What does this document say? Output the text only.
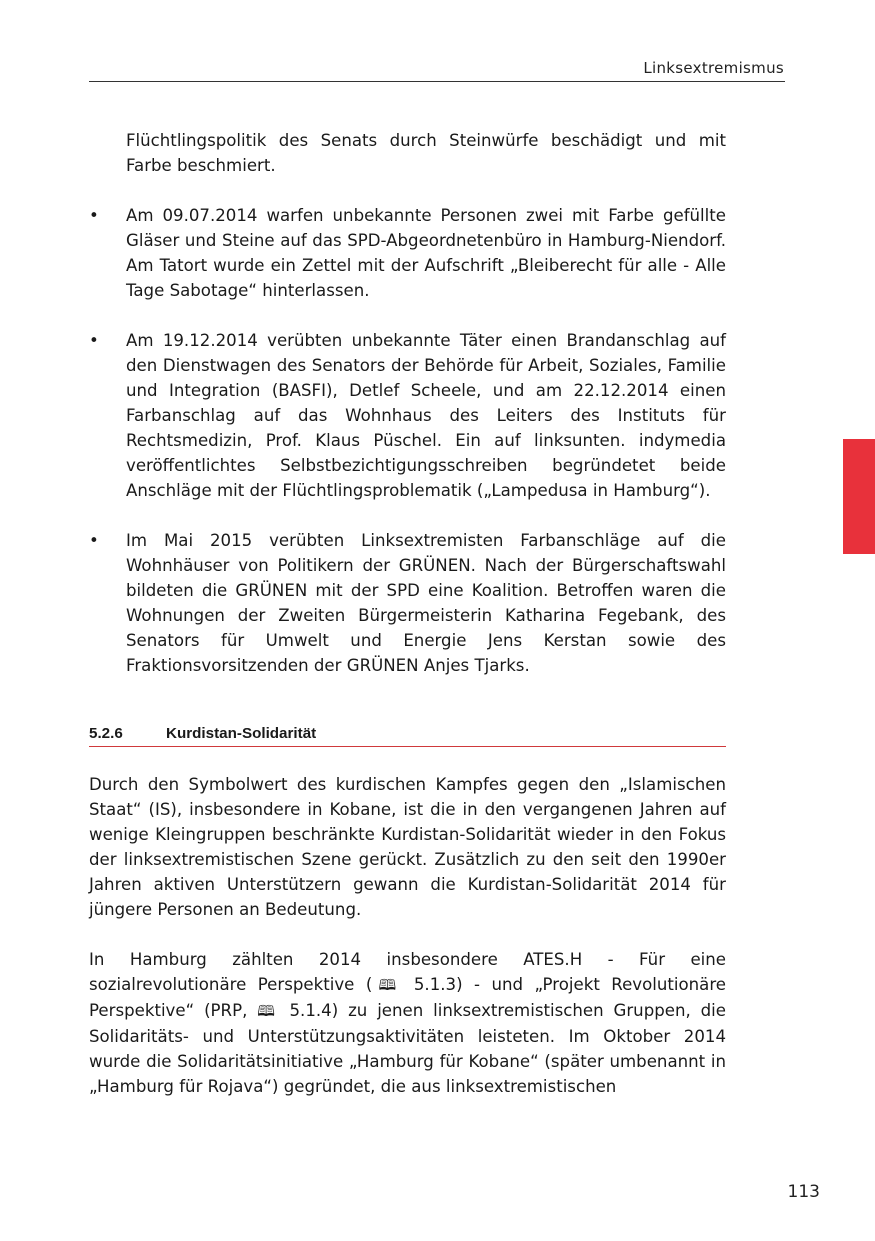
Linksextremismus

Flüchtlingspolitik des Senats durch Steinwürfe beschädigt und mit Farbe beschmiert.

• Am 09.07.2014 warfen unbekannte Personen zwei mit Farbe gefüllte Gläser und Steine auf das SPD-Abgeordnetenbüro in Hamburg-Niendorf. Am Tatort wurde ein Zettel mit der Aufschrift „Bleiberecht für alle - Alle Tage Sabotage“ hinterlassen.
• Am 19.12.2014 verübten unbekannte Täter einen Brandanschlag auf den Dienstwagen des Senators der Behörde für Arbeit, Soziales, Familie und Integration (BASFI), Detlef Scheele, und am 22.12.2014 einen Farbanschlag auf das Wohnhaus des Leiters des Instituts für Rechtsmedizin, Prof. Klaus Püschel. Ein auf linksunten. indymedia veröffentlichtes Selbstbezichtigungsschreiben begründetet beide Anschläge mit der Flüchtlingsproblematik („Lampedusa in Hamburg“).
• Im Mai 2015 verübten Linksextremisten Farbanschläge auf die Wohnhäuser von Politikern der GRÜNEN. Nach der Bürgerschaftswahl bildeten die GRÜNEN mit der SPD eine Koalition. Betroffen waren die Wohnungen der Zweiten Bürgermeisterin Katharina Fegebank, des Senators für Umwelt und Energie Jens Kerstan sowie des Fraktionsvorsitzenden der GRÜNEN Anjes Tjarks.
5.2.6	Kurdistan-Solidarität

Durch den Symbolwert des kurdischen Kampfes gegen den „Islamischen Staat“ (IS), insbesondere in Kobane, ist die in den vergangenen Jahren auf wenige Kleingruppen beschränkte Kurdistan-Solidarität wieder in den Fokus der linksextremistischen Szene gerückt. Zusätzlich zu den seit den 1990er Jahren aktiven Unterstützern gewann die Kurdistan-Solidarität 2014 für jüngere Personen an Bedeutung.

In Hamburg zählten 2014 insbesondere ATES.H - Für eine sozialrevolutionäre Perspektive (🕮 5.1.3) - und „Projekt Revolutionäre Perspektive“ (PRP, 🕮 5.1.4) zu jenen linksextremistischen Gruppen, die Solidaritäts- und Unterstützungsaktivitäten leisteten. Im Oktober 2014 wurde die Solidaritätsinitiative „Hamburg für Kobane“ (später umbenannt in „Hamburg für Rojava“) gegründet, die aus linksextremistischen

113
